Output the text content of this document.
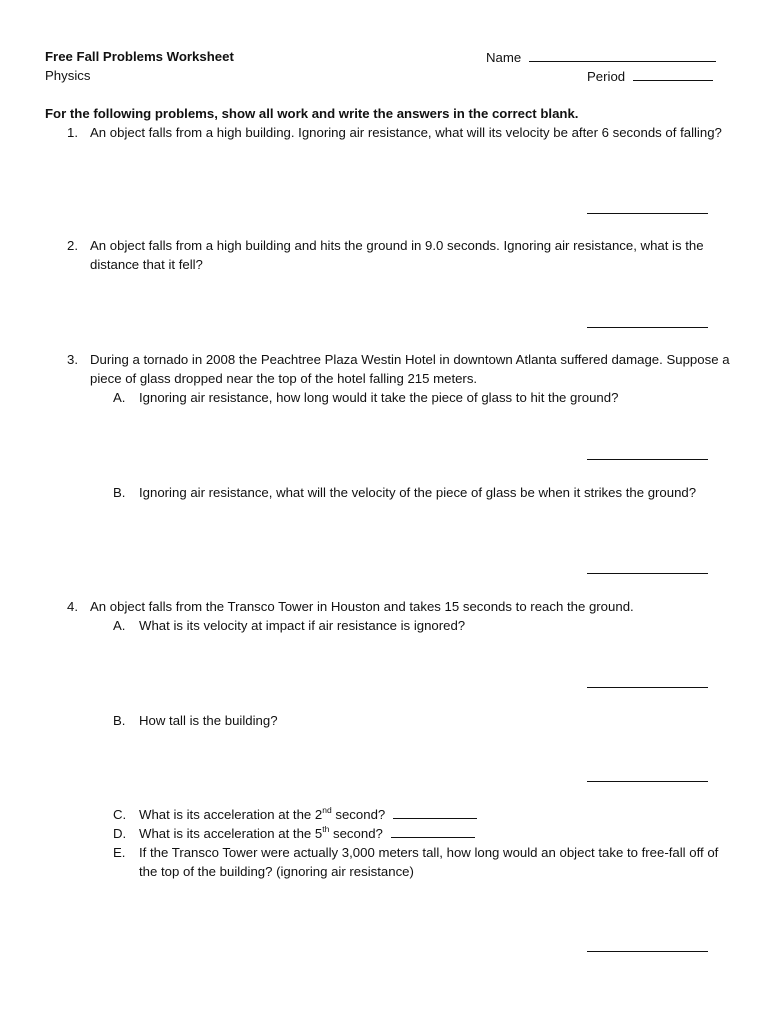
Free Fall Problems Worksheet
Physics
Name
Period
For the following problems, show all work and write the answers in the correct blank.
1. An object falls from a high building. Ignoring air resistance, what will its velocity be after 6 seconds of falling?
2. An object falls from a high building and hits the ground in 9.0 seconds. Ignoring air resistance, what is the distance that it fell?
3. During a tornado in 2008 the Peachtree Plaza Westin Hotel in downtown Atlanta suffered damage. Suppose a piece of glass dropped near the top of the hotel falling 215 meters.
A. Ignoring air resistance, how long would it take the piece of glass to hit the ground?
B. Ignoring air resistance, what will the velocity of the piece of glass be when it strikes the ground?
4. An object falls from the Transco Tower in Houston and takes 15 seconds to reach the ground.
A. What is its velocity at impact if air resistance is ignored?
B. How tall is the building?
C. What is its acceleration at the 2nd second?
D. What is its acceleration at the 5th second?
E. If the Transco Tower were actually 3,000 meters tall, how long would an object take to free-fall off of the top of the building? (ignoring air resistance)
